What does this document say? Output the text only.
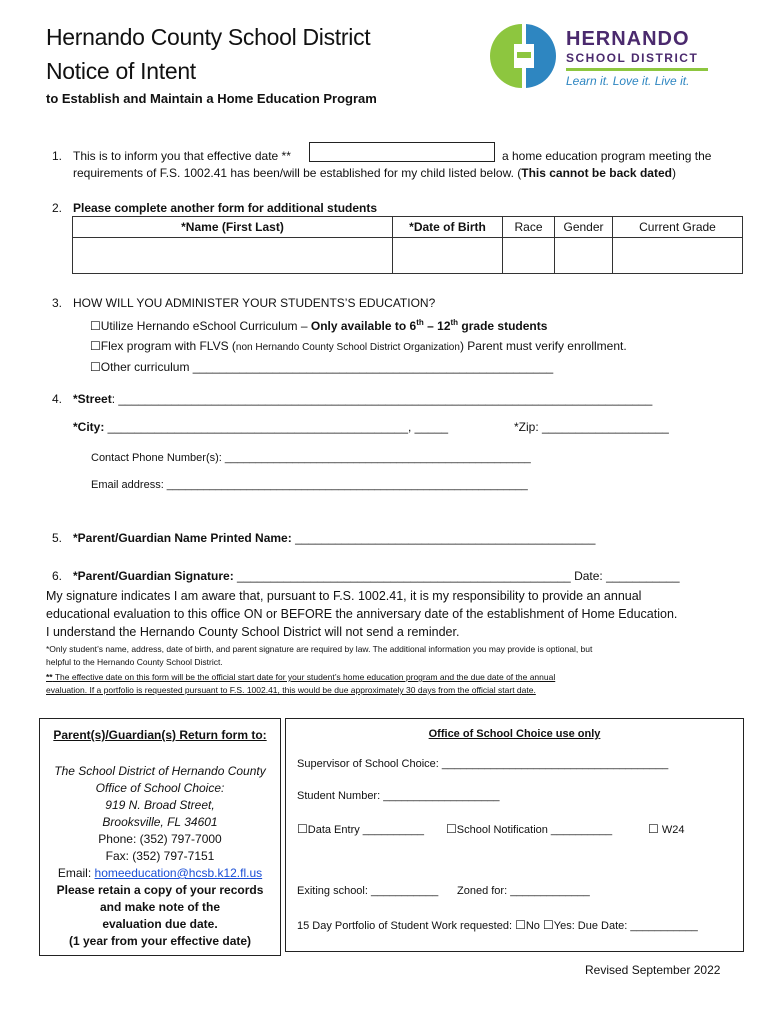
Hernando County School District
Notice of Intent
to Establish and Maintain a Home Education Program
HERNANDO
SCHOOL DISTRICT
Learn it. Love it. Live it.
1. This is to inform you that effective date **	a home education program meeting the
requirements of F.S. 1002.41 has been/will be established for my child listed below. (This cannot be back dated)
2. Please complete another form for additional students
*Name (First Last)	*Date of Birth	Race	Gender	Current Grade

3. HOW WILL YOU ADMINISTER YOUR STUDENTS’S EDUCATION?
☐Utilize Hernando eSchool Curriculum – Only available to 6th – 12th grade students
☐Flex program with FLVS (non Hernando County School District Organization) Parent must verify enrollment.
☐Other curriculum ______________________________________________________
4. *Street: ________________________________________________________________________________
*City: _____________________________________________, _____	*Zip: ___________________
Contact Phone Number(s): __________________________________________________
Email address: ___________________________________________________________
5. *Parent/Guardian Name Printed Name: _____________________________________________
6. *Parent/Guardian Signature: __________________________________________________ Date: ___________
My signature indicates I am aware that, pursuant to F.S. 1002.41, it is my responsibility to provide an annual
educational evaluation to this office ON or BEFORE the anniversary date of the establishment of Home Education.
I understand the Hernando County School District will not send a reminder.
*Only student’s name, address, date of birth, and parent signature are required by law. The additional information you may provide is optional, but
helpful to the Hernando County School District.
** The effective date on this form will be the official start date for your student’s home education program and the due date of the annual
evaluation. If a portfolio is requested pursuant to F.S. 1002.41, this would be due approximately 30 days from the official start date.
Parent(s)/Guardian(s) Return form to:
The School District of Hernando County
Office of School Choice:
919 N. Broad Street,
Brooksville, FL 34601
Phone: (352) 797-7000
Fax: (352) 797-7151
Email: homeeducation@hcsb.k12.fl.us
Please retain a copy of your records
and make note of the
evaluation due date.
(1 year from your effective date)
Office of School Choice use only
Supervisor of School Choice: _____________________________________
Student Number: ___________________
☐Data Entry __________ ☐School Notification __________	☐ W24
Exiting school: ___________ Zoned for: _____________
15 Day Portfolio of Student Work requested: ☐No ☐Yes: Due Date: ___________
Revised September 2022
